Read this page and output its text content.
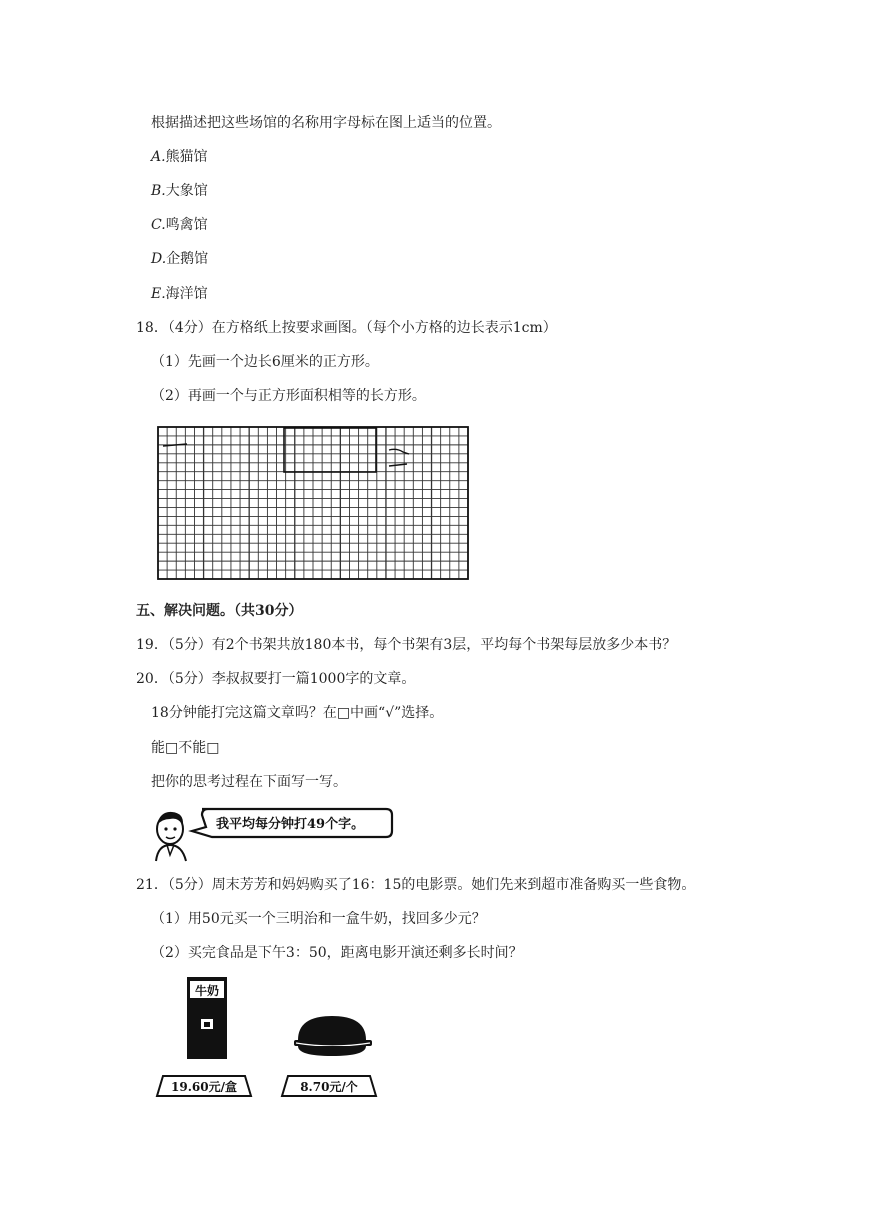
根据描述把这些场馆的名称用字母标在图上适当的位置。
A.熊猫馆
B.大象馆
C.鸣禽馆
D.企鹅馆
E.海洋馆
18．（4分）在方格纸上按要求画图。（每个小方格的边长表示1cm）
（1）先画一个边长6厘米的正方形。
（2）再画一个与正方形面积相等的长方形。
五、解决问题。（共30分）
19．（5分）有2个书架共放180本书，每个书架有3层，平均每个书架每层放多少本书？
20．（5分）李叔叔要打一篇1000字的文章。
18分钟能打完这篇文章吗？在□中画“√”选择。
能□不能□
把你的思考过程在下面写一写。
我平均每分钟打49个字。
21．（5分）周末芳芳和妈妈购买了16：15的电影票。她们先来到超市准备购买一些食物。
（1）用50元买一个三明治和一盒牛奶，找回多少元？
（2）买完食品是下午3：50，距离电影开演还剩多长时间？
牛奶
19.60元/盒	8.70元/个
